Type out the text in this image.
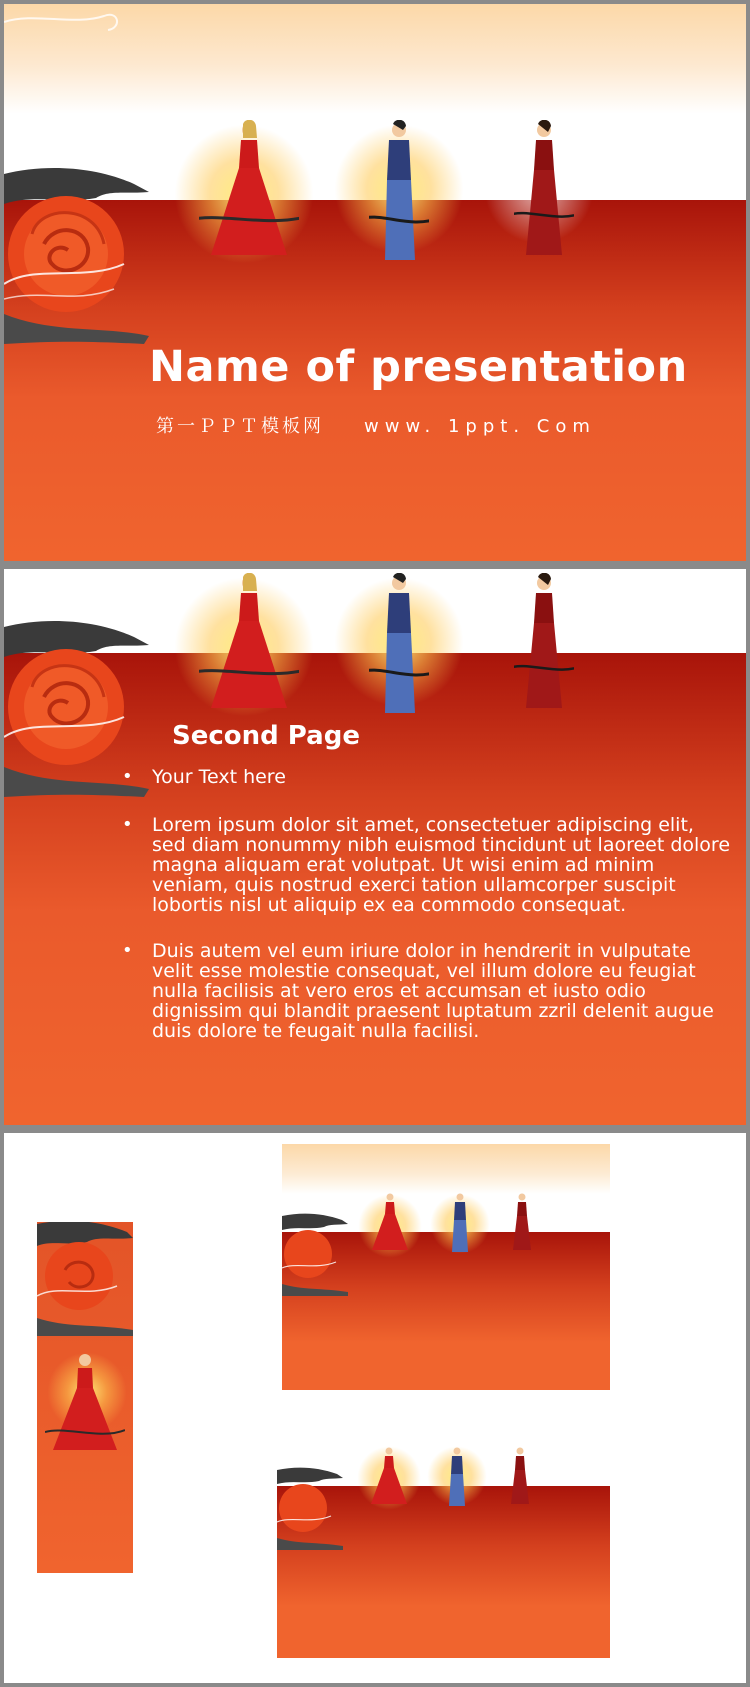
Name of presentation
第一ＰＰＴ模板网 www. 1ppt. Com
Second Page
• Your Text here
• Lorem ipsum dolor sit amet, consectetuer adipiscing elit, sed diam nonummy nibh euismod tincidunt ut laoreet dolore magna aliquam erat volutpat. Ut wisi enim ad minim veniam, quis nostrud exerci tation ullamcorper suscipit lobortis nisl ut aliquip ex ea commodo consequat.
• Duis autem vel eum iriure dolor in hendrerit in vulputate velit esse molestie consequat, vel illum dolore eu feugiat nulla facilisis at vero eros et accumsan et iusto odio dignissim qui blandit praesent luptatum zzril delenit augue duis dolore te feugait nulla facilisi.
